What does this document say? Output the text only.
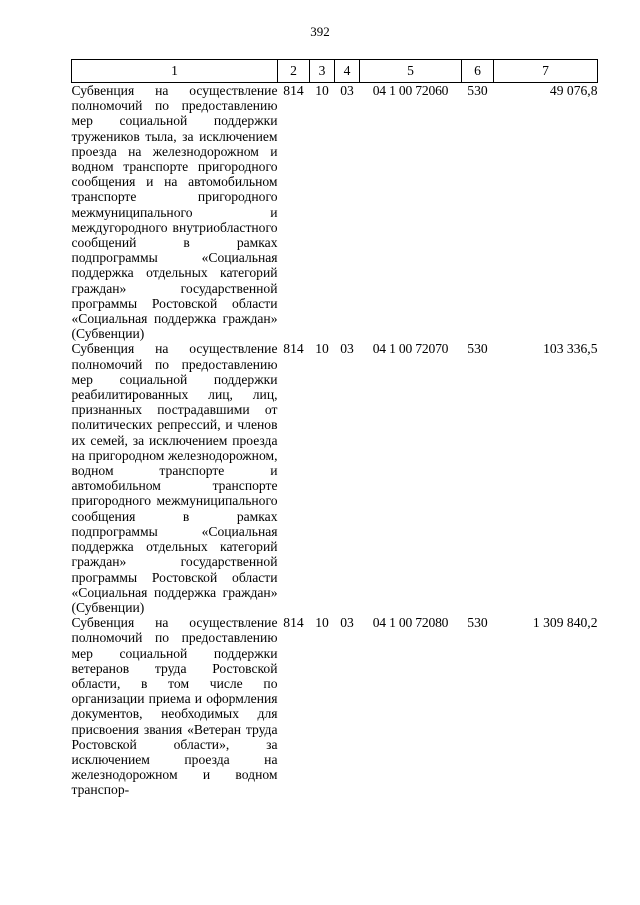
392
1	2	3	4	5	6	7
Субвенция на осуществление полномочий по предоставлению мер социальной поддержки тружеников тыла, за исключением проезда на железнодорожном и водном транспорте пригородного сообщения и на автомобильном транспорте пригородного межмуниципального и междугородного внутриобластного сообщений в рамках подпрограммы «Социальная поддержка отдельных категорий граждан» государственной программы Ростовской области «Социальная поддержка граждан» (Субвенции)	814	10	03	04 1 00 72060	530	49 076,8
Субвенция на осуществление полномочий по предоставлению мер социальной поддержки реабилитированных лиц, лиц, признанных пострадавшими от политических репрессий, и членов их семей, за исключением проезда на пригородном железнодорожном, водном транспорте и автомобильном транспорте пригородного межмуниципального сообщения в рамках подпрограммы «Социальная поддержка отдельных категорий граждан» государственной программы Ростовской области «Социальная поддержка граждан» (Субвенции)	814	10	03	04 1 00 72070	530	103 336,5
Субвенция на осуществление полномочий по предоставлению мер социальной поддержки ветеранов труда Ростовской области, в том числе по организации приема и оформления документов, необходимых для присвоения звания «Ветеран труда Ростовской области», за исключением проезда на железнодорожном и водном транспор-	814	10	03	04 1 00 72080	530	1 309 840,2
